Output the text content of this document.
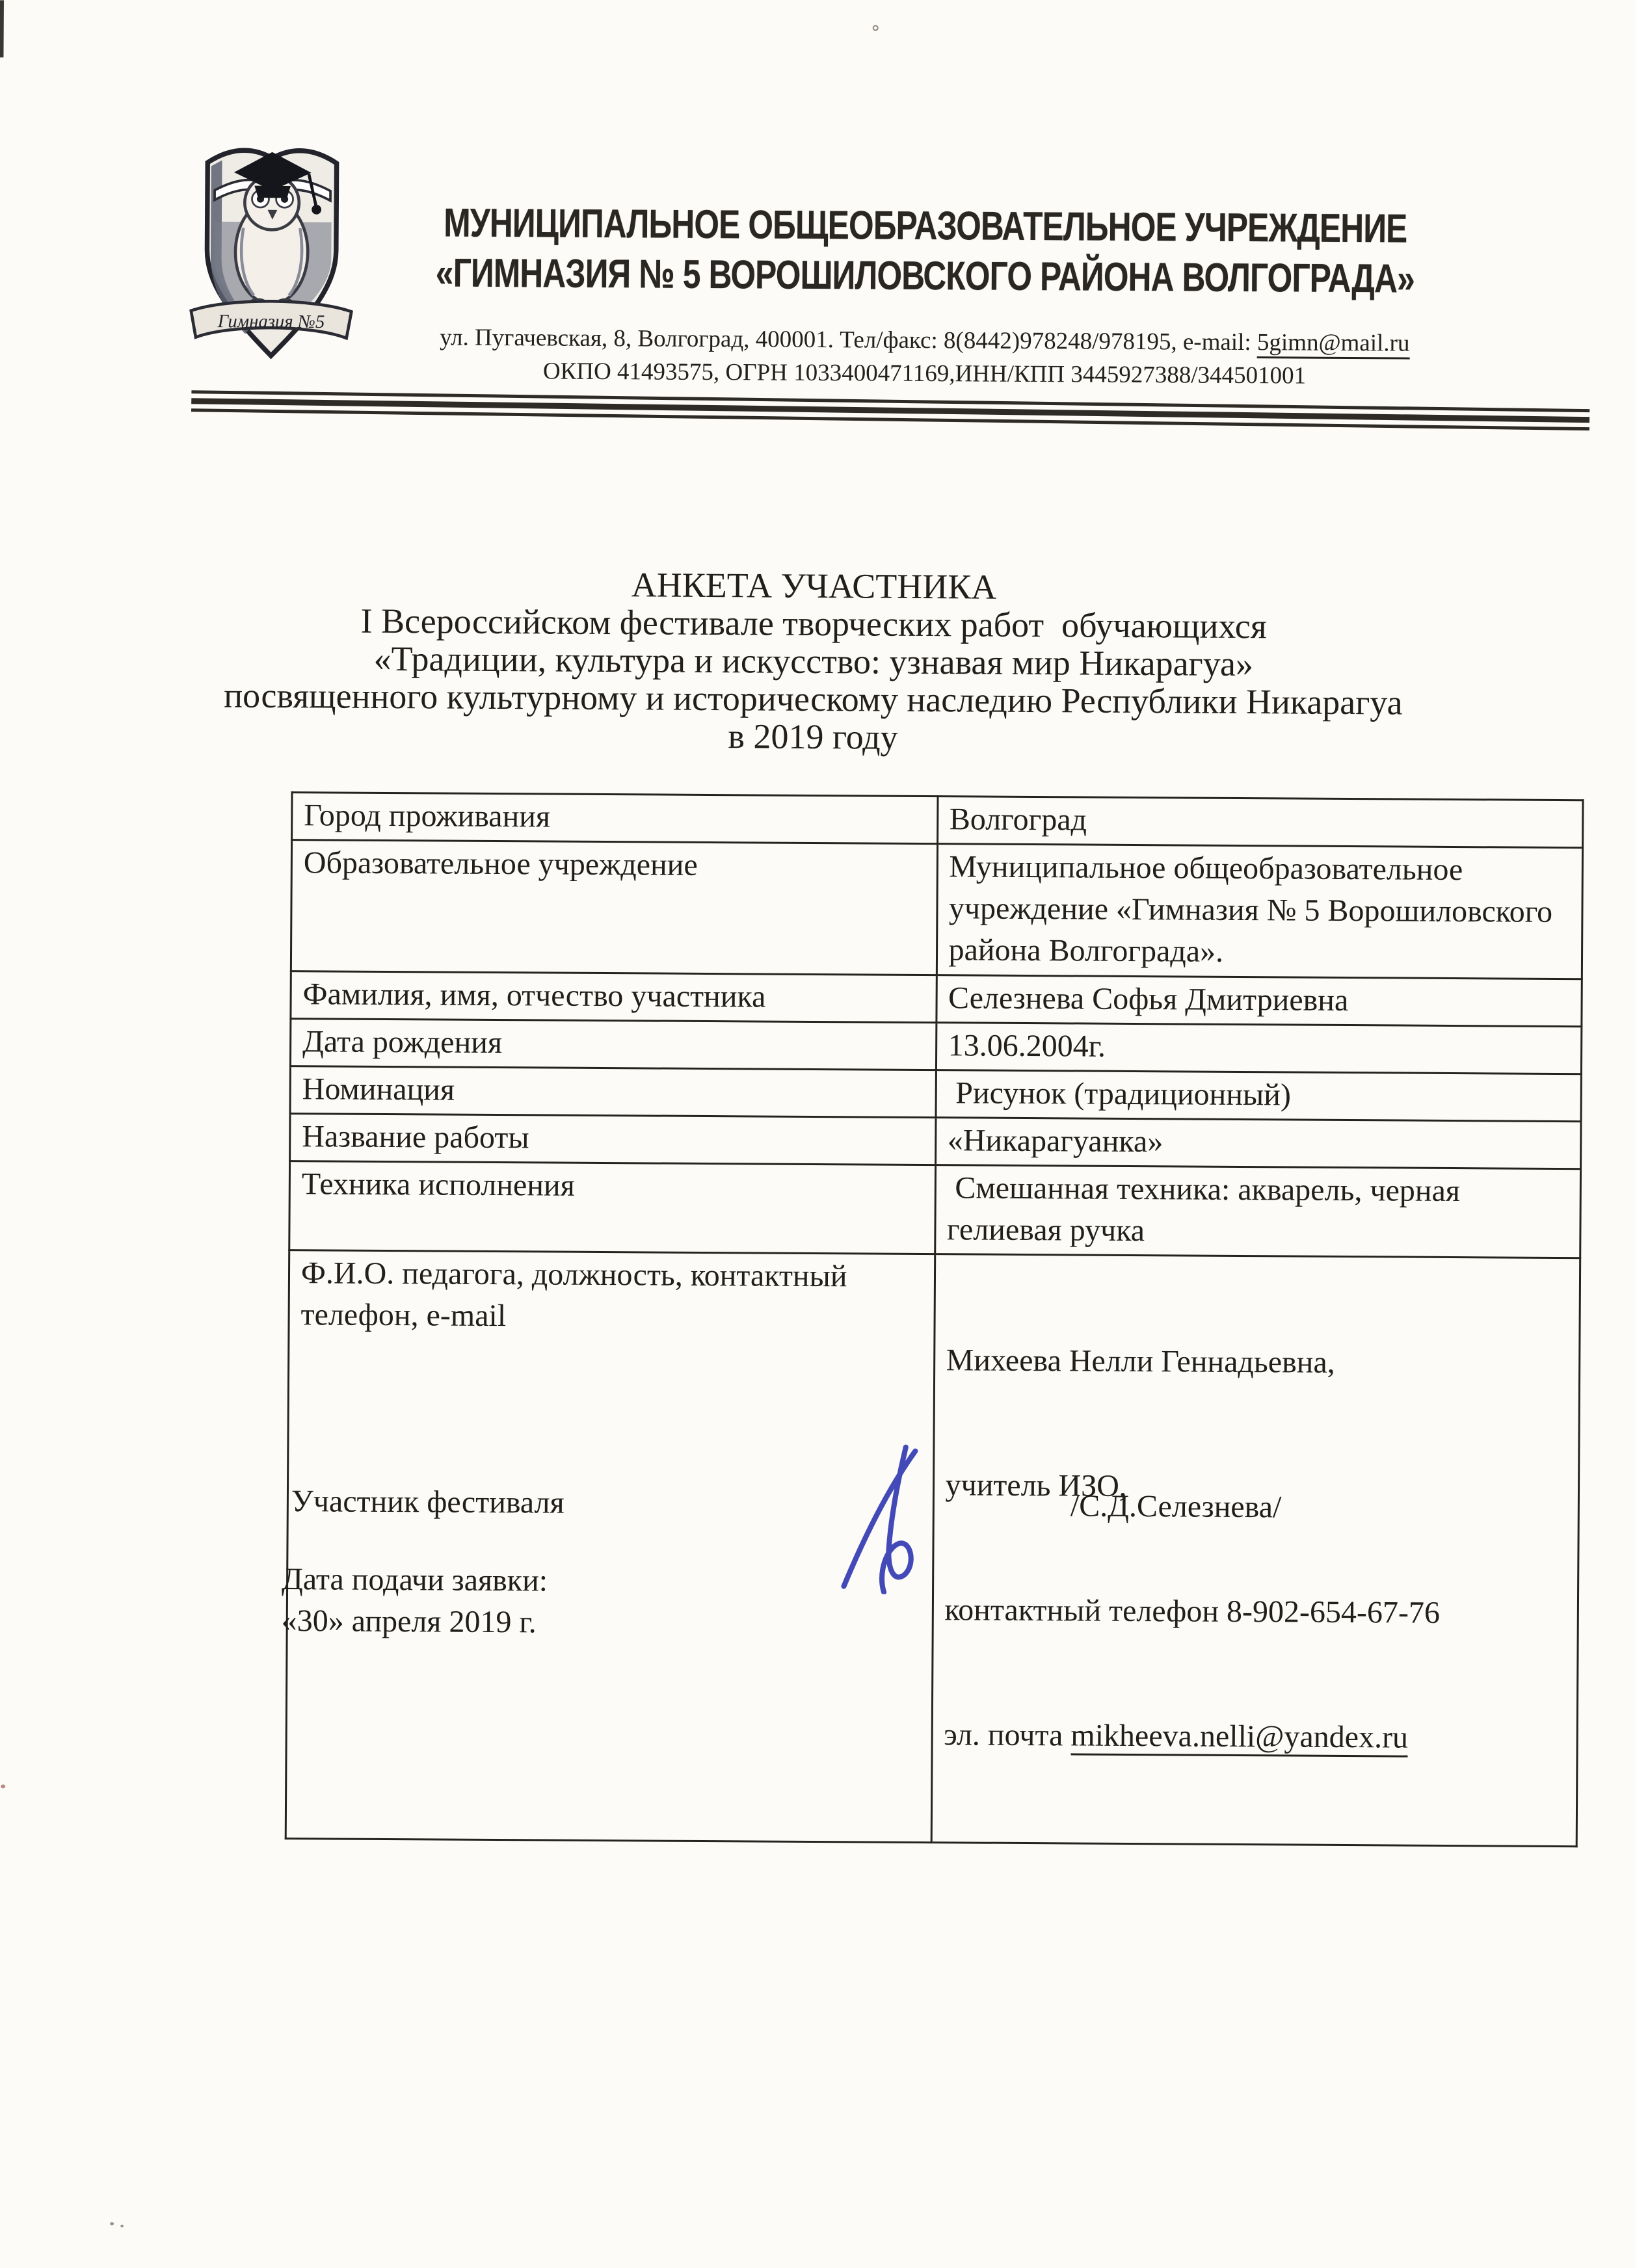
Гимназия №5
МУНИЦИПАЛЬНОЕ ОБЩЕОБРАЗОВАТЕЛЬНОЕ УЧРЕЖДЕНИЕ
«ГИМНАЗИЯ № 5 ВОРОШИЛОВСКОГО РАЙОНА ВОЛГОГРАДА»
ул. Пугачевская, 8, Волгоград, 400001. Тел/факс: 8(8442)978248/978195, e-mail: 5gimn@mail.ru
ОКПО 41493575, ОГРН 1033400471169,ИНН/КПП 3445927388/344501001
АНКЕТА УЧАСТНИКА
I Всероссийском фестивале творческих работ  обучающихся
«Традиции, культура и искусство: узнавая мир Никарагуа»
посвященного культурному и историческому наследию Республики Никарагуа
в 2019 году
Город проживания	Волгоград
Образовательное учреждение	Муниципальное общеобразовательное учреждение «Гимназия № 5 Ворошиловского района Волгограда».
Фамилия, имя, отчество участника	Селезнева Софья Дмитриевна
Дата рождения	13.06.2004г.
Номинация	Рисунок (традиционный)
Название работы	«Никарагуанка»
Техника исполнения	Смешанная техника: акварель, черная гелиевая ручка
Ф.И.О. педагога, должность, контактный телефон, e-mail	Михеева Нелли Геннадьевна,

учитель ИЗО,

контактный телефон 8-902-654-67-76

эл. почта mikheeva.nelli@yandex.ru

Участник фестиваля	/С.Д.Селезнева/
Дата подачи заявки:
«30» апреля 2019 г.
